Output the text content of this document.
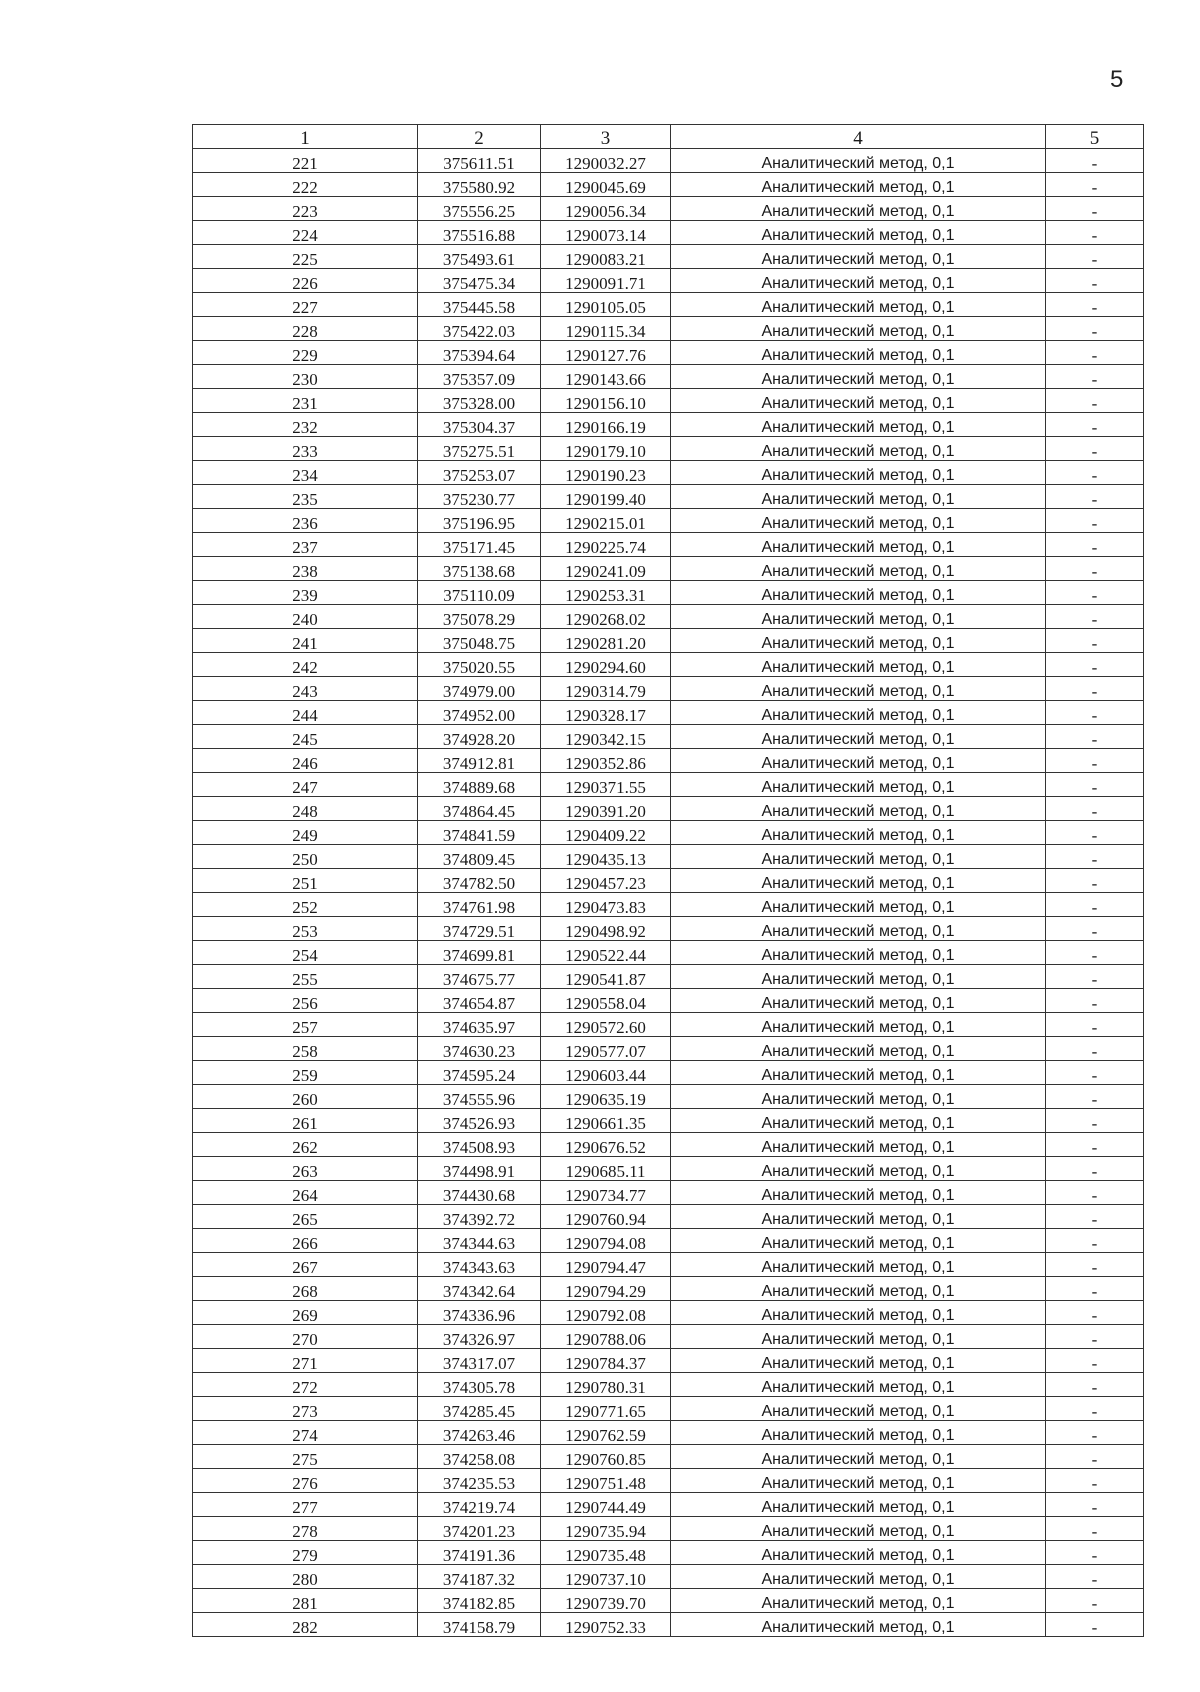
5
1	2	3	4	5
221	375611.51	1290032.27	Аналитический метод, 0,1	-
222	375580.92	1290045.69	Аналитический метод, 0,1	-
223	375556.25	1290056.34	Аналитический метод, 0,1	-
224	375516.88	1290073.14	Аналитический метод, 0,1	-
225	375493.61	1290083.21	Аналитический метод, 0,1	-
226	375475.34	1290091.71	Аналитический метод, 0,1	-
227	375445.58	1290105.05	Аналитический метод, 0,1	-
228	375422.03	1290115.34	Аналитический метод, 0,1	-
229	375394.64	1290127.76	Аналитический метод, 0,1	-
230	375357.09	1290143.66	Аналитический метод, 0,1	-
231	375328.00	1290156.10	Аналитический метод, 0,1	-
232	375304.37	1290166.19	Аналитический метод, 0,1	-
233	375275.51	1290179.10	Аналитический метод, 0,1	-
234	375253.07	1290190.23	Аналитический метод, 0,1	-
235	375230.77	1290199.40	Аналитический метод, 0,1	-
236	375196.95	1290215.01	Аналитический метод, 0,1	-
237	375171.45	1290225.74	Аналитический метод, 0,1	-
238	375138.68	1290241.09	Аналитический метод, 0,1	-
239	375110.09	1290253.31	Аналитический метод, 0,1	-
240	375078.29	1290268.02	Аналитический метод, 0,1	-
241	375048.75	1290281.20	Аналитический метод, 0,1	-
242	375020.55	1290294.60	Аналитический метод, 0,1	-
243	374979.00	1290314.79	Аналитический метод, 0,1	-
244	374952.00	1290328.17	Аналитический метод, 0,1	-
245	374928.20	1290342.15	Аналитический метод, 0,1	-
246	374912.81	1290352.86	Аналитический метод, 0,1	-
247	374889.68	1290371.55	Аналитический метод, 0,1	-
248	374864.45	1290391.20	Аналитический метод, 0,1	-
249	374841.59	1290409.22	Аналитический метод, 0,1	-
250	374809.45	1290435.13	Аналитический метод, 0,1	-
251	374782.50	1290457.23	Аналитический метод, 0,1	-
252	374761.98	1290473.83	Аналитический метод, 0,1	-
253	374729.51	1290498.92	Аналитический метод, 0,1	-
254	374699.81	1290522.44	Аналитический метод, 0,1	-
255	374675.77	1290541.87	Аналитический метод, 0,1	-
256	374654.87	1290558.04	Аналитический метод, 0,1	-
257	374635.97	1290572.60	Аналитический метод, 0,1	-
258	374630.23	1290577.07	Аналитический метод, 0,1	-
259	374595.24	1290603.44	Аналитический метод, 0,1	-
260	374555.96	1290635.19	Аналитический метод, 0,1	-
261	374526.93	1290661.35	Аналитический метод, 0,1	-
262	374508.93	1290676.52	Аналитический метод, 0,1	-
263	374498.91	1290685.11	Аналитический метод, 0,1	-
264	374430.68	1290734.77	Аналитический метод, 0,1	-
265	374392.72	1290760.94	Аналитический метод, 0,1	-
266	374344.63	1290794.08	Аналитический метод, 0,1	-
267	374343.63	1290794.47	Аналитический метод, 0,1	-
268	374342.64	1290794.29	Аналитический метод, 0,1	-
269	374336.96	1290792.08	Аналитический метод, 0,1	-
270	374326.97	1290788.06	Аналитический метод, 0,1	-
271	374317.07	1290784.37	Аналитический метод, 0,1	-
272	374305.78	1290780.31	Аналитический метод, 0,1	-
273	374285.45	1290771.65	Аналитический метод, 0,1	-
274	374263.46	1290762.59	Аналитический метод, 0,1	-
275	374258.08	1290760.85	Аналитический метод, 0,1	-
276	374235.53	1290751.48	Аналитический метод, 0,1	-
277	374219.74	1290744.49	Аналитический метод, 0,1	-
278	374201.23	1290735.94	Аналитический метод, 0,1	-
279	374191.36	1290735.48	Аналитический метод, 0,1	-
280	374187.32	1290737.10	Аналитический метод, 0,1	-
281	374182.85	1290739.70	Аналитический метод, 0,1	-
282	374158.79	1290752.33	Аналитический метод, 0,1	-
